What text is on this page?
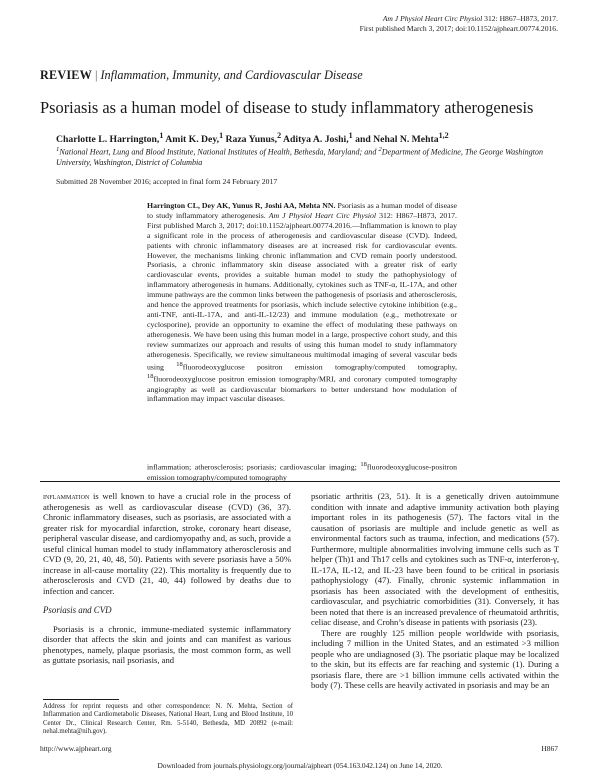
Am J Physiol Heart Circ Physiol 312: H867–H873, 2017.
First published March 3, 2017; doi:10.1152/ajpheart.00774.2016.
REVIEW | Inflammation, Immunity, and Cardiovascular Disease
Psoriasis as a human model of disease to study inflammatory atherogenesis
Charlotte L. Harrington,$^1$ Amit K. Dey,$^1$ Raza Yunus,$^2$ Aditya A. Joshi,$^1$ and Nehal N. Mehta$^{1,2}$
$^1$National Heart, Lung and Blood Institute, National Institutes of Health, Bethesda, Maryland; and $^2$Department of Medicine, The George Washington University, Washington, District of Columbia
Submitted 28 November 2016; accepted in final form 24 February 2017
Harrington CL, Dey AK, Yunus R, Joshi AA, Mehta NN. Psoriasis as a human model of disease to study inflammatory atherogenesis. Am J Physiol Heart Circ Physiol 312: H867–H873, 2017. First published March 3, 2017; doi:10.1152/ajpheart.00774.2016.—Inflammation is known to play a significant role in the process of atherogenesis and cardiovascular disease (CVD). Indeed, patients with chronic inflammatory diseases are at increased risk for cardiovascular events. However, the mechanisms linking chronic inflammation and CVD remain poorly understood. Psoriasis, a chronic inflammatory skin disease associated with a greater risk of early cardiovascular events, provides a suitable human model to study the pathophysiology of inflammatory atherogenesis in humans. Additionally, cytokines such as TNF-α, IL-17A, and other immune pathways are the common links between the pathogenesis of psoriasis and atherosclerosis, and hence the approved treatments for psoriasis, which include selective cytokine inhibition (e.g., anti-TNF, anti-IL-17A, and anti-IL-12/23) and immune modulation (e.g., methotrexate or cyclosporine), provide an opportunity to examine the effect of modulating these pathways on atherogenesis. We have been using this human model in a large, prospective cohort study, and this review summarizes our approach and results of using this human model to study inflammatory atherogenesis. Specifically, we review simultaneous multimodal imaging of several vascular beds using $^{18}$fluorodeoxyglucose positron emission tomography/computed tomography, $^{18}$fluorodeoxyglucose positron emission tomography/MRI, and coronary computed tomography angiography as well as cardiovascular biomarkers to better understand how modulation of inflammation may impact vascular diseases.
inflammation; atherosclerosis; psoriasis; cardiovascular imaging; $^{18}$fluorodeoxyglucose-positron emission tomography/computed tomography

inflammation is well known to have a crucial role in the process of atherogenesis as well as cardiovascular disease (CVD) (36, 37). Chronic inflammatory diseases, such as psoriasis, are associated with a greater risk for myocardial infarction, stroke, coronary heart disease, peripheral vascular disease, and cardiomyopathy and, as such, provide a useful clinical human model to study inflammatory atherosclerosis and CVD (9, 20, 21, 40, 48, 50). Patients with severe psoriasis have a 50% increase in all-cause mortality (22). This mortality is frequently due to atherosclerosis and CVD (21, 40, 44) followed by deaths due to infection and cancer.

Psoriasis and CVD

Psoriasis is a chronic, immune-mediated systemic inflammatory disorder that affects the skin and joints and can manifest as various phenotypes, namely, plaque psoriasis, the most common form, as well as guttate psoriasis, nail psoriasis, and

psoriatic arthritis (23, 51). It is a genetically driven autoimmune condition with innate and adaptive immunity activation both playing important roles in its pathogenesis (57). The factors vital in the causation of psoriasis are multiple and include genetic as well as environmental factors such as trauma, infection, and medications (57). Furthermore, multiple abnormalities involving immune cells such as T helper (Th)1 and Th17 cells and cytokines such as TNF-α, interferon-γ, IL-17A, IL-12, and IL-23 have been found to be critical in psoriasis pathophysiology (47). Finally, chronic systemic inflammation in psoriasis has been associated with the development of enthesitis, cardiovascular, and psychiatric comorbidities (31). Conversely, it has been noted that there is an increased prevalence of rheumatoid arthritis, celiac disease, and Crohn’s disease in patients with psoriasis (23).

There are roughly 125 million people worldwide with psoriasis, including 7 million in the United States, and an estimated >3 million people who are undiagnosed (3). The psoriatic plaque may be localized to the skin, but its effects are far reaching and systemic (1). During a psoriasis flare, there are >1 billion immune cells activated within the body (7). These cells are heavily activated in psoriasis and may be an

Address for reprint requests and other correspondence: N. N. Mehta, Section of Inflammation and Cardiometabolic Diseases, National Heart, Lung and Blood Institute, 10 Center Dr., Clinical Research Center, Rm. 5-5140, Bethesda, MD 20892 (e-mail: nehal.mehta@nih.gov).
http://www.ajpheart.org	H867
Downloaded from journals.physiology.org/journal/ajpheart (054.163.042.124) on June 14, 2020.
